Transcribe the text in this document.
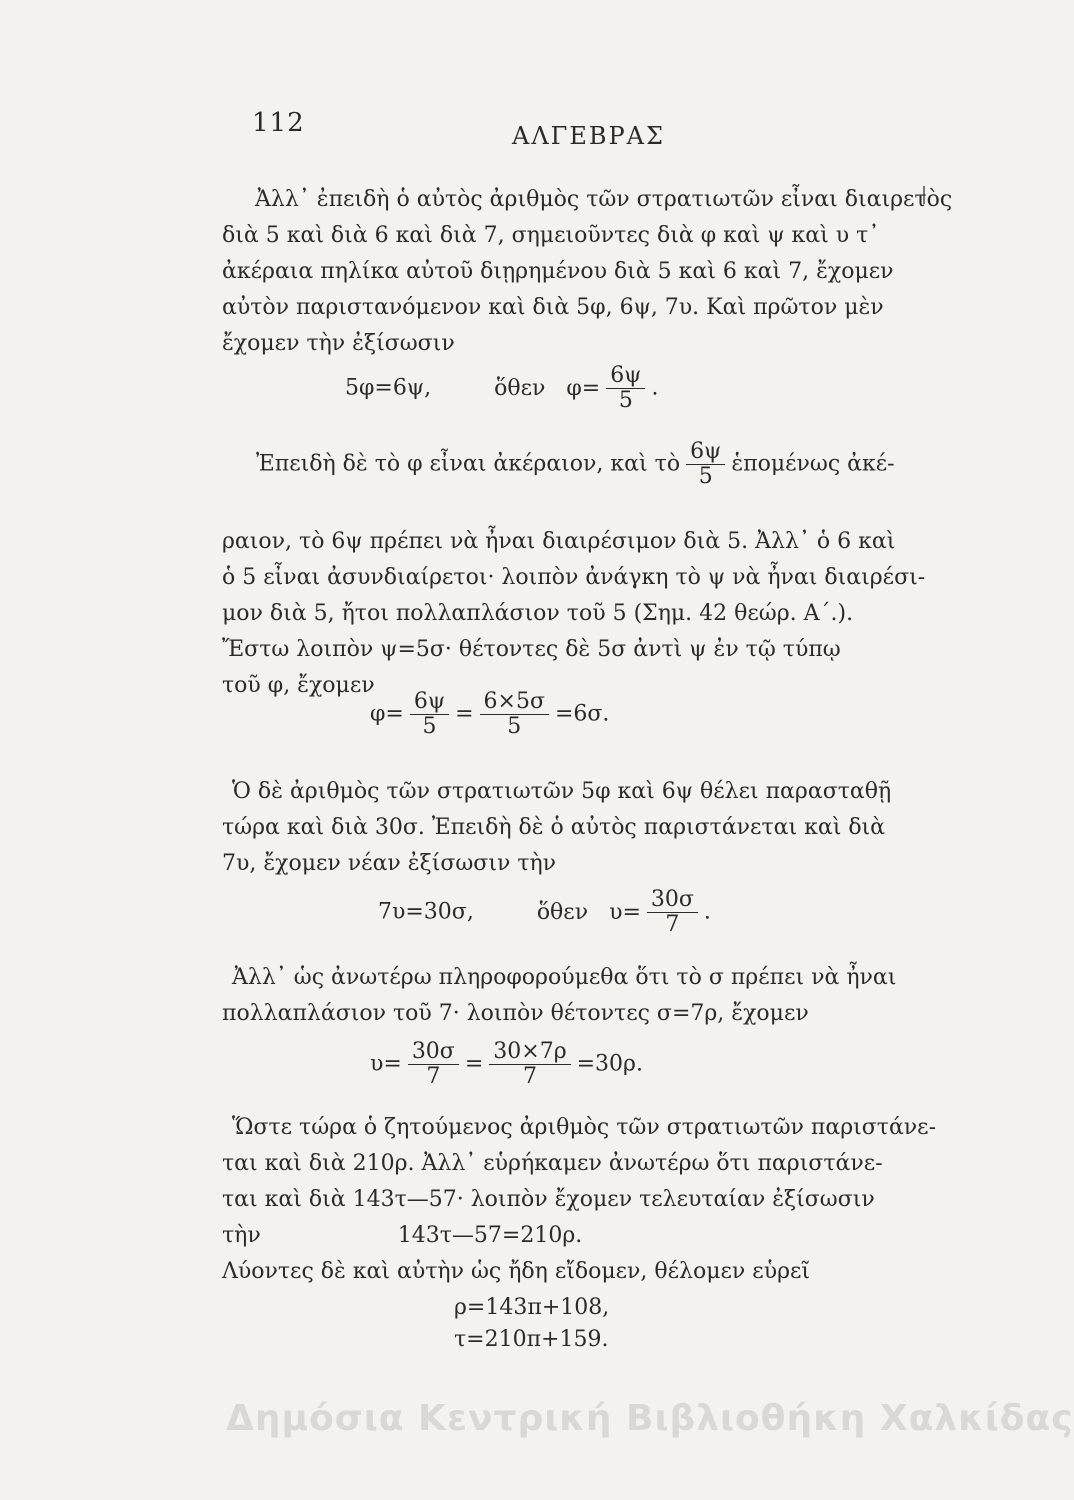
112	ΑΛΓΕΒΡΑΣ
Ἀλλ᾽ ἐπειδὴ ὁ αὐτὸς ἀριθμὸς τῶν στρατιωτῶν εἶναι διαιρετὸς
διὰ 5 καὶ διὰ 6 καὶ διὰ 7, σημειοῦντες διὰ φ καὶ ψ καὶ υ τ᾽
ἀκέραια πηλίκα αὐτοῦ διῃρημένου διὰ 5 καὶ 6 καὶ 7, ἔχομεν
αὐτὸν παριστανόμενον καὶ διὰ 5φ, 6ψ, 7υ. Καὶ πρῶτον μὲν
ἔχομεν τὴν ἐξίσωσιν
5φ=6ψ,	ὅθεν $\varphi= \frac{6\psi}{5}$ .
Ἐπειδὴ δὲ τὸ φ εἶναι ἀκέραιον, καὶ τὸ $\frac{6\psi}{5}$ ἑπομένως ἀκέ-
ραιον, τὸ 6ψ πρέπει νὰ ἦναι διαιρέσιμον διὰ 5. Ἀλλ᾽ ὁ 6 καὶ
ὁ 5 εἶναι ἀσυνδιαίρετοι· λοιπὸν ἀνάγκη τὸ ψ νὰ ἦναι διαιρέσι-
μον διὰ 5, ἤτοι πολλαπλάσιον τοῦ 5 (Σημ. 42 θεώρ. Α΄.).
Ἔστω λοιπὸν ψ=5σ· θέτοντες δὲ 5σ ἀντὶ ψ ἐν τῷ τύπῳ
τοῦ φ, ἔχομεν
$\varphi= \frac{6\psi}{5} = \frac{6\times 5\sigma}{5} =6\sigma$.
Ὁ δὲ ἀριθμὸς τῶν στρατιωτῶν 5φ καὶ 6ψ θέλει παρασταθῇ
τώρα καὶ διὰ 30σ. Ἐπειδὴ δὲ ὁ αὐτὸς παριστάνεται καὶ διὰ
7υ, ἔχομεν νέαν ἐξίσωσιν τὴν
7υ=30σ,	ὅθεν $\upsilon= \frac{30\sigma}{7}$ .
Ἀλλ᾽ ὡς ἀνωτέρω πληροφορούμεθα ὅτι τὸ σ πρέπει νὰ ἦναι
πολλαπλάσιον τοῦ 7· λοιπὸν θέτοντες σ=7ρ, ἔχομεν
$\upsilon= \frac{30\sigma}{7} = \frac{30\times 7\rho}{7} =30\rho$.
Ὥστε τώρα ὁ ζητούμενος ἀριθμὸς τῶν στρατιωτῶν παριστάνε-
ται καὶ διὰ 210ρ. Ἀλλ᾽ εὑρήκαμεν ἀνωτέρω ὅτι παριστάνε-
ται καὶ διὰ 143τ—57· λοιπὸν ἔχομεν τελευταίαν ἐξίσωσιν
τὴν	143τ—57=210ρ.
Λύοντες δὲ καὶ αὐτὴν ὡς ἤδη εἴδομεν, θέλομεν εὑρεῖ
ρ=143π+108,
τ=210π+159.
Δημόσια Κεντρική Βιβλιοθήκη Χαλκίδας
